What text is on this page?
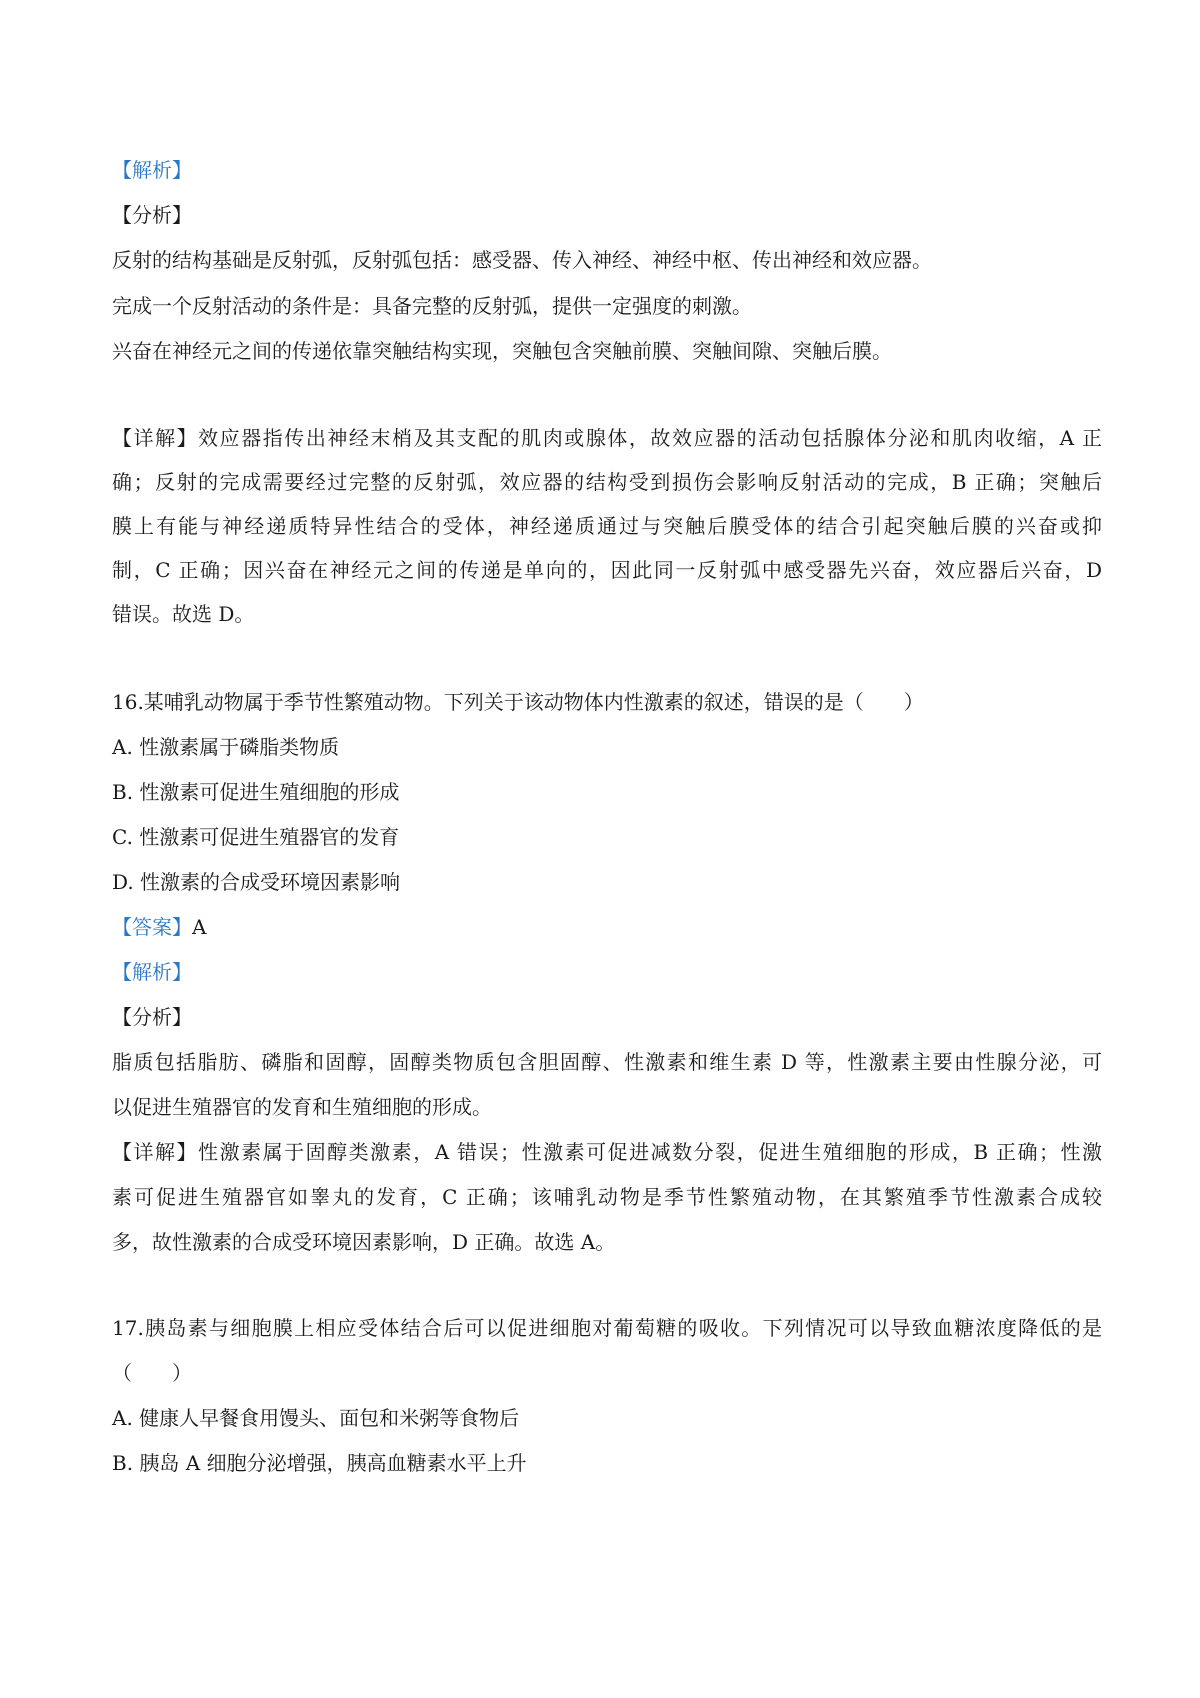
【解析】

【分析】

反射的结构基础是反射弧，反射弧包括：感受器、传入神经、神经中枢、传出神经和效应器。

完成一个反射活动的条件是：具备完整的反射弧，提供一定强度的刺激。

兴奋在神经元之间的传递依靠突触结构实现，突触包含突触前膜、突触间隙、突触后膜。

【详解】效应器指传出神经末梢及其支配的肌肉或腺体，故效应器的活动包括腺体分泌和肌肉收缩，A 正

确；反射的完成需要经过完整的反射弧，效应器的结构受到损伤会影响反射活动的完成，B 正确；突触后

膜上有能与神经递质特异性结合的受体，神经递质通过与突触后膜受体的结合引起突触后膜的兴奋或抑

制，C 正确；因兴奋在神经元之间的传递是单向的，因此同一反射弧中感受器先兴奋，效应器后兴奋，D

错误。故选 D。

16.某哺乳动物属于季节性繁殖动物。下列关于该动物体内性激素的叙述，错误的是（　　）

A. 性激素属于磷脂类物质

B. 性激素可促进生殖细胞的形成

C. 性激素可促进生殖器官的发育

D. 性激素的合成受环境因素影响

【答案】A

【解析】

【分析】

脂质包括脂肪、磷脂和固醇，固醇类物质包含胆固醇、性激素和维生素 D 等，性激素主要由性腺分泌，可

以促进生殖器官的发育和生殖细胞的形成。

【详解】性激素属于固醇类激素，A 错误；性激素可促进减数分裂，促进生殖细胞的形成，B 正确；性激

素可促进生殖器官如睾丸的发育，C 正确；该哺乳动物是季节性繁殖动物，在其繁殖季节性激素合成较

多，故性激素的合成受环境因素影响，D 正确。故选 A。

17.胰岛素与细胞膜上相应受体结合后可以促进细胞对葡萄糖的吸收。下列情况可以导致血糖浓度降低的是

（　　）

A. 健康人早餐食用馒头、面包和米粥等食物后

B. 胰岛 A 细胞分泌增强，胰高血糖素水平上升
